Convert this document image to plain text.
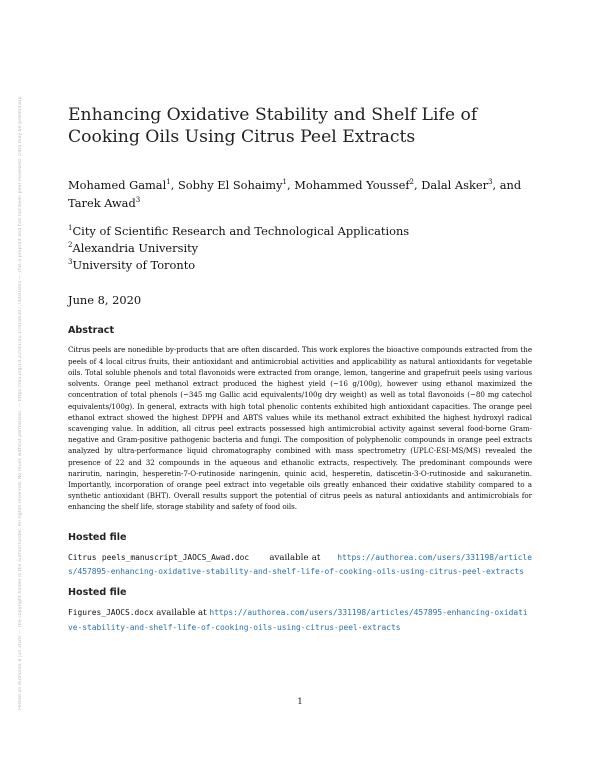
Posted on Authorea 8 Jun 2020 — The copyright holder is the author/funder. All rights reserved. No reuse without permission. — https://doi.org/10.22541/au.159166307.74491893 — This a preprint and has not been peer reviewed. Data may be preliminary.	Enhancing Oxidative Stability and Shelf Life of Cooking Oils Using Citrus Peel Extracts
Mohamed Gamal$^1$, Sobhy El Sohaimy$^1$, Mohammed Youssef$^2$, Dalal Asker$^3$, and Tarek Awad$^3$
$^1$City of Scientific Research and Technological Applications
$^2$Alexandria University
$^3$University of Toronto
June 8, 2020
Abstract
Citrus peels are nonedible by-products that are often discarded. This work explores the bioactive compounds extracted from the peels of 4 local citrus fruits, their antioxidant and antimicrobial activities and applicability as natural antioxidants for vegetable oils. Total soluble phenols and total flavonoids were extracted from orange, lemon, tangerine and grapefruit peels using various solvents. Orange peel methanol extract produced the highest yield (~16 g/100g), however using ethanol maximized the concentration of total phenols (~345 mg Gallic acid equivalents/100g dry weight) as well as total flavonoids (~80 mg catechol equivalents/100g). In general, extracts with high total phenolic contents exhibited high antioxidant capacities. The orange peel ethanol extract showed the highest DPPH and ABTS values while its methanol extract exhibited the highest hydroxyl radical scavenging value. In addition, all citrus peel extracts possessed high antimicrobial activity against several food-borne Gram-negative and Gram-positive pathogenic bacteria and fungi. The composition of polyphenolic compounds in orange peel extracts analyzed by ultra-performance liquid chromatography combined with mass spectrometry (UPLC-ESI-MS/MS) revealed the presence of 22 and 32 compounds in the aqueous and ethanolic extracts, respectively. The predominant compounds were narirutin, naringin, hesperetin-7-O-rutinoside naringenin, quinic acid, hesperetin, datiscetin-3-O-rutinoside and sakuranetin. Importantly, incorporation of orange peel extract into vegetable oils greatly enhanced their oxidative stability compared to a synthetic antioxidant (BHT). Overall results support the potential of citrus peels as natural antioxidants and antimicrobials for enhancing the shelf life, storage stability and safety of food oils.
Hosted file
Citrus peels_manuscript_JAOCS_Awad.doc available at https://authorea.com/users/331198/articles/457895-enhancing-oxidative-stability-and-shelf-life-of-cooking-oils-using-citrus-peel-extracts
Hosted file
Figures_JAOCS.docx available at https://authorea.com/users/331198/articles/457895-enhancing-oxidative-stability-and-shelf-life-of-cooking-oils-using-citrus-peel-extracts
1
